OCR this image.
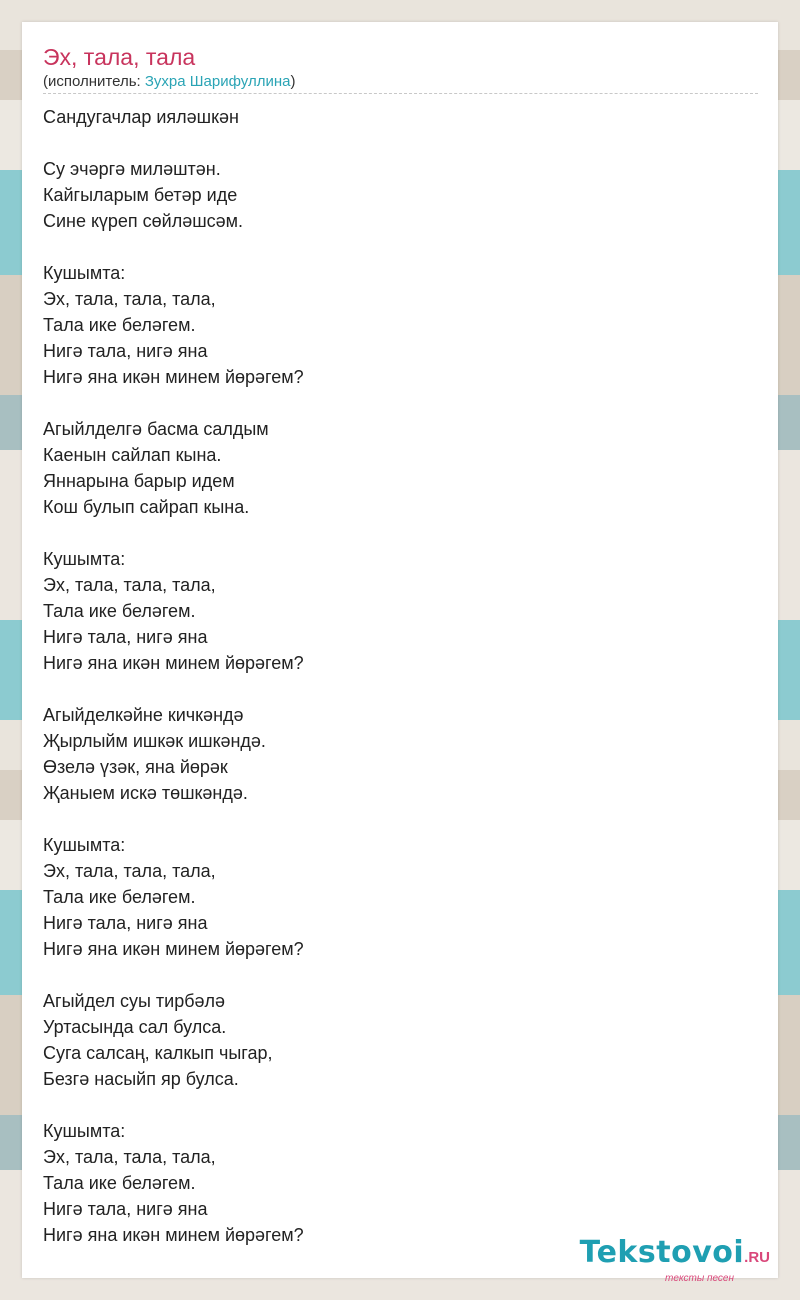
Эх, тала, тала
(исполнитель: Зухра Шарифуллина)

Сандугачлар иялəшкəн

Су эчəргə милəштəн.
Кайгыларым бетəр иде
Сине күреп сөйлəшсəм.

Кушымта:
Эх, тала, тала, тала,
Тала ике белəгем.
Нигə тала, нигə яна
Нигə яна икəн минем йөрəгем?

Агыйлделгə басма салдым
Каенын сайлап кына.
Яннарына барыр идем
Кош булып сайрап кына.

Кушымта:
Эх, тала, тала, тала,
Тала ике белəгем.
Нигə тала, нигə яна
Нигə яна икəн минем йөрəгем?

Агыйделкəйне кичкəндə
Җырлыйм ишкəк ишкəндə.
Өзелə үзəк, яна йөрəк
Җаныем искə төшкəндə.

Кушымта:
Эх, тала, тала, тала,
Тала ике белəгем.
Нигə тала, нигə яна
Нигə яна икəн минем йөрəгем?

Агыйдел суы тирбəлə
Уртасында сал булса.
Суга салсаң, калкып чыгар,
Безгə насыйп яр булса.

Кушымта:
Эх, тала, тала, тала,
Тала ике белəгем.
Нигə тала, нигə яна
Нигə яна икəн минем йөрəгем?	Tekstovoi.RU
тексты песен
